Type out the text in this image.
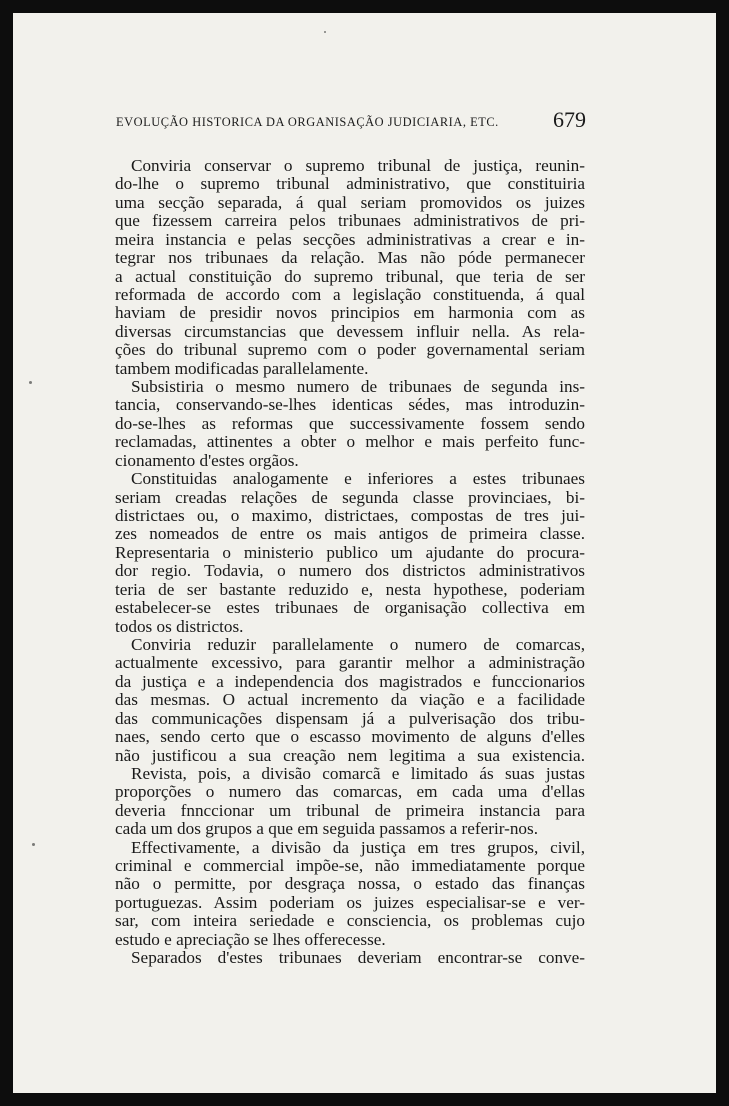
EVOLUÇÃO HISTORICA DA ORGANISAÇÃO JUDICIARIA, ETC. 679
Conviria conservar o supremo tribunal de justiça, reunin-
do-lhe o supremo tribunal administrativo, que constituiria
uma secção separada, á qual seriam promovidos os juizes
que fizessem carreira pelos tribunaes administrativos de pri-
meira instancia e pelas secções administrativas a crear e in-
tegrar nos tribunaes da relação. Mas não póde permanecer
a actual constituição do supremo tribunal, que teria de ser
reformada de accordo com a legislação constituenda, á qual
haviam de presidir novos principios em harmonia com as
diversas circumstancias que devessem influir nella. As rela-
ções do tribunal supremo com o poder governamental seriam
tambem modificadas parallelamente.
Subsistiria o mesmo numero de tribunaes de segunda ins-
tancia, conservando-se-lhes identicas sédes, mas introduzin-
do-se-lhes as reformas que successivamente fossem sendo
reclamadas, attinentes a obter o melhor e mais perfeito func-
cionamento d'estes orgãos.
Constituidas analogamente e inferiores a estes tribunaes
seriam creadas relações de segunda classe provinciaes, bi-
districtaes ou, o maximo, districtaes, compostas de tres jui-
zes nomeados de entre os mais antigos de primeira classe.
Representaria o ministerio publico um ajudante do procura-
dor regio. Todavia, o numero dos districtos administrativos
teria de ser bastante reduzido e, nesta hypothese, poderiam
estabelecer-se estes tribunaes de organisação collectiva em
todos os districtos.
Conviria reduzir parallelamente o numero de comarcas,
actualmente excessivo, para garantir melhor a administração
da justiça e a independencia dos magistrados e funccionarios
das mesmas. O actual incremento da viação e a facilidade
das communicações dispensam já a pulverisação dos tribu-
naes, sendo certo que o escasso movimento de alguns d'elles
não justificou a sua creação nem legitima a sua existencia.
Revista, pois, a divisão comarcã e limitado ás suas justas
proporções o numero das comarcas, em cada uma d'ellas
deveria fnnccionar um tribunal de primeira instancia para
cada um dos grupos a que em seguida passamos a referir-nos.
Effectivamente, a divisão da justiça em tres grupos, civil,
criminal e commercial impõe-se, não immediatamente porque
não o permitte, por desgraça nossa, o estado das finanças
portuguezas. Assim poderiam os juizes especialisar-se e ver-
sar, com inteira seriedade e consciencia, os problemas cujo
estudo e apreciação se lhes offerecesse.
Separados d'estes tribunaes deveriam encontrar-se conve-
